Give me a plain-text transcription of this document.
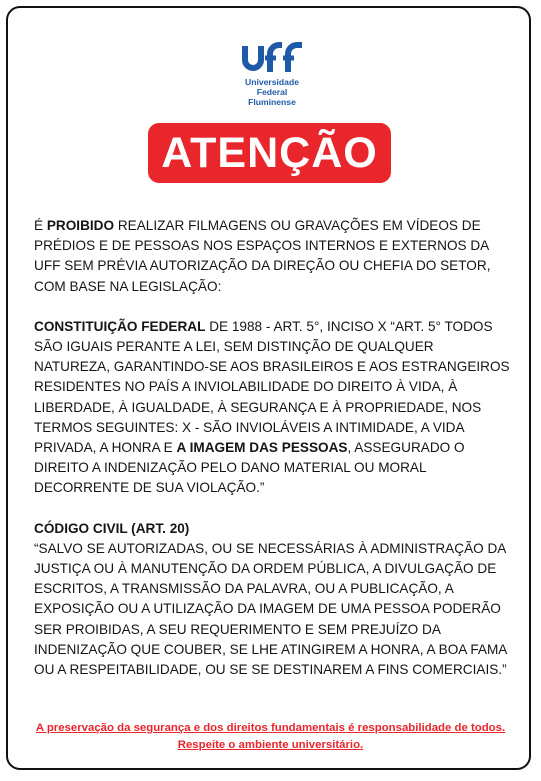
Universidade
Federal
Fluminense
ATENÇÃO
É PROIBIDO REALIZAR FILMAGENS OU GRAVAÇÕES EM VÍDEOS DE PRÉDIOS E DE PESSOAS NOS ESPAÇOS INTERNOS E EXTERNOS DA UFF SEM PRÉVIA AUTORIZAÇÃO DA DIREÇÃO OU CHEFIA DO SETOR, COM BASE NA LEGISLAÇÃO:
CONSTITUIÇÃO FEDERAL DE 1988 - ART. 5°, INCISO X “ART. 5° TODOS SÃO IGUAIS PERANTE A LEI, SEM DISTINÇÃO DE QUALQUER NATUREZA, GARANTINDO-SE AOS BRASILEIROS E AOS ESTRANGEIROS RESIDENTES NO PAÍS A INVIOLABILIDADE DO DIREITO À VIDA, À LIBERDADE, À IGUALDADE, À SEGURANÇA E À PROPRIEDADE, NOS TERMOS SEGUINTES: X - SÃO INVIOLÁVEIS A INTIMIDADE, A VIDA PRIVADA, A HONRA E A IMAGEM DAS PESSOAS, ASSEGURADO O DIREITO A INDENIZAÇÃO PELO DANO MATERIAL OU MORAL DECORRENTE DE SUA VIOLAÇÃO.”

CÓDIGO CIVIL (ART. 20)

“SALVO SE AUTORIZADAS, OU SE NECESSÁRIAS À ADMINISTRAÇÃO DA JUSTIÇA OU À MANUTENÇÃO DA ORDEM PÚBLICA, A DIVULGAÇÃO DE ESCRITOS, A TRANSMISSÃO DA PALAVRA, OU A PUBLICAÇÃO, A EXPOSIÇÃO OU A UTILIZAÇÃO DA IMAGEM DE UMA PESSOA PODERÃO SER PROIBIDAS, A SEU REQUERIMENTO E SEM PREJUÍZO DA INDENIZAÇÃO QUE COUBER, SE LHE ATINGIREM A HONRA, A BOA FAMA OU A RESPEITABILIDADE, OU SE SE DESTINAREM A FINS COMERCIAIS.”

A preservação da segurança e dos direitos fundamentais é responsabilidade de todos.
Respeite o ambiente universitário.
